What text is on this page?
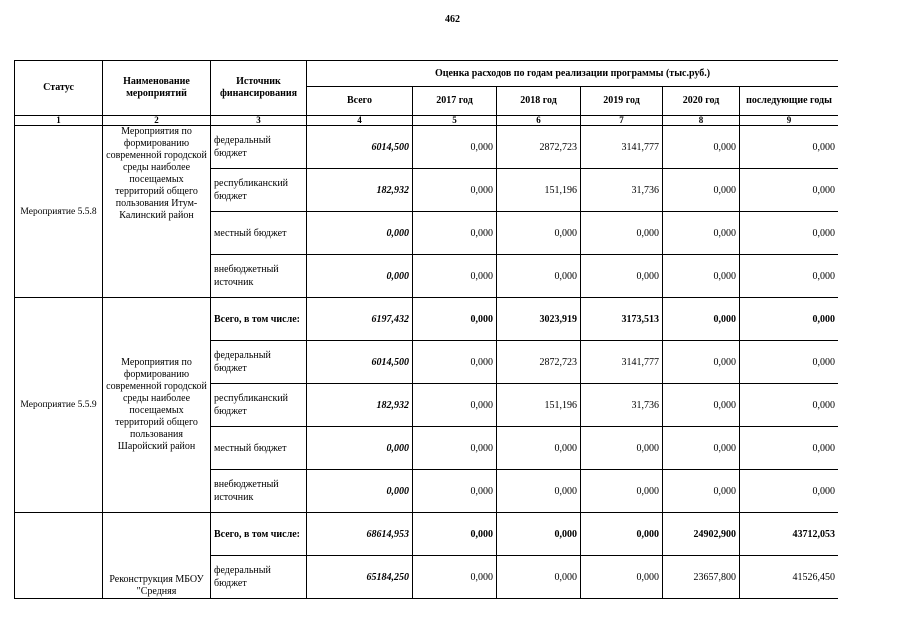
462
Статус	Наименование мероприятий	Источник финансирования	Оценка расходов по годам реализации программы (тыс.руб.)					
			Всего	2017 год	2018 год	2019 год	2020 год	последующие годы
1	2	3	4	5	6	7	8	9
Мероприятие 5.5.8	Мероприятия по формированию современной городской среды наиболее посещаемых территорий общего пользования Итум-Калинский район	федеральный бюджет	6014,500	0,000	2872,723	3141,777	0,000	0,000
		республиканский бюджет	182,932	0,000	151,196	31,736	0,000	0,000
		местный бюджет	0,000	0,000	0,000	0,000	0,000	0,000
		внебюджетный источник	0,000	0,000	0,000	0,000	0,000	0,000
Мероприятие 5.5.9	Мероприятия по формированию современной городской среды наиболее посещаемых территорий общего пользования Шаройский район	Всего, в том числе:	6197,432	0,000	3023,919	3173,513	0,000	0,000
		федеральный бюджет	6014,500	0,000	2872,723	3141,777	0,000	0,000
		республиканский бюджет	182,932	0,000	151,196	31,736	0,000	0,000
		местный бюджет	0,000	0,000	0,000	0,000	0,000	0,000
		внебюджетный источник	0,000	0,000	0,000	0,000	0,000	0,000
	Реконструкция МБОУ "Средняя	Всего, в том числе:	68614,953	0,000	0,000	0,000	24902,900	43712,053
		федеральный бюджет	65184,250	0,000	0,000	0,000	23657,800	41526,450
